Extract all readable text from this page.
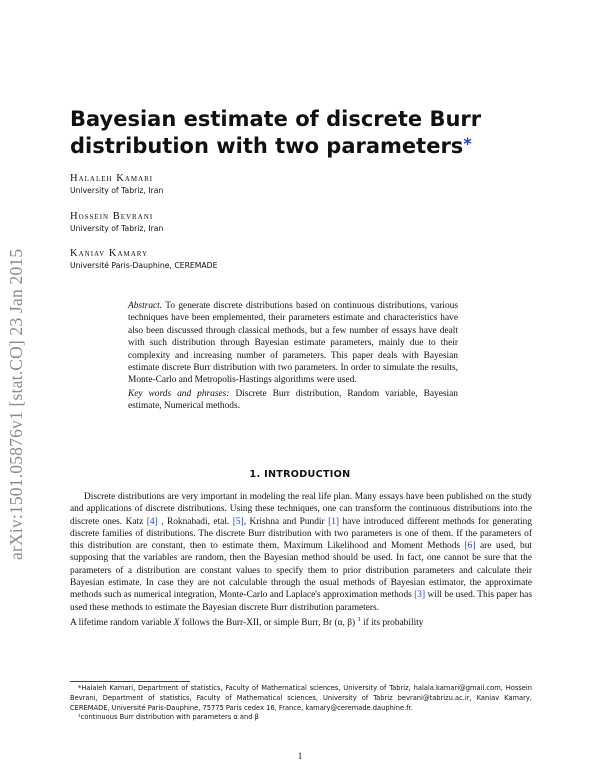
arXiv:1501.05876v1 [stat.CO] 23 Jan 2015
Bayesian estimate of discrete Burr distribution with two parameters*
Halaleh Kamari
University of Tabriz, Iran
Hossein Bevrani
University of Tabriz, Iran
Kaniav Kamary
Université Paris-Dauphine, CEREMADE

Abstract. To generate discrete distributions based on continuous distributions, various techniques have been emplemented, their parameters estimate and characteristics have also been discussed through classical methods, but a few number of essays have dealt with such distribution through Bayesian estimate parameters, mainly due to their complexity and increasing number of parameters. This paper deals with Bayesian estimate discrete Burr distribution with two parameters. In order to simulate the results, Monte-Carlo and Metropolis-Hastings algorithms were used.

Key words and phrases: Discrete Burr distribution, Random variable, Bayesian estimate, Numerical methods.

1. INTRODUCTION

Discrete distributions are very important in modeling the real life plan. Many essays have been published on the study and applications of discrete distributions. Using these techniques, one can transform the continuous distributions into the discrete ones. Katz [4] , Roknabadi, etal. [5], Krishna and Pundir [1] have introduced different methods for generating discrete families of distributions. The discrete Burr distribution with two parameters is one of them. If the parameters of this distribution are constant, then to estimate them, Maximum Likelihood and Moment Methods [6] are used, but supposing that the variables are random, then the Bayesian method should be used. In fact, one cannot be sure that the parameters of a distribution are constant values to specify them to prior distribution parameters and calculate their Bayesian estimate. In case they are not calculable through the usual methods of Bayesian estimator, the approximate methods such as numerical integration, Monte-Carlo and Laplace's approximation methods [3] will be used. This paper has used these methods to estimate the Bayesian discrete Burr distribution parameters.

A lifetime random variable X follows the Burr-XII, or simple Burr, Br (α, β) $^1$ if its probability

*Halaleh Kamari, Department of statistics, Faculty of Mathematical sciences, University of Tabriz, halala.kamari@gmail.com, Hossein Bevrani, Department of statistics, Faculty of Mathematical sciences, University of Tabriz bevrani@tabrizu.ac.ir, Kaniav Kamary, CEREMADE, Université Paris-Dauphine, 75775 Paris cedex 16, France, kamary@ceremade.dauphine.fr.

¹continuous Burr distribution with parameters α and β

1
